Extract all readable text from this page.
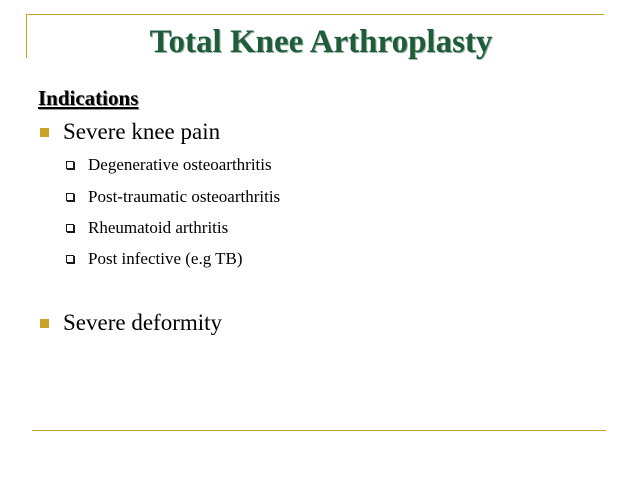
Total Knee Arthroplasty
Indications
Severe knee pain
Degenerative osteoarthritis
Post-traumatic osteoarthritis
Rheumatoid arthritis
Post infective (e.g TB)
Severe deformity
